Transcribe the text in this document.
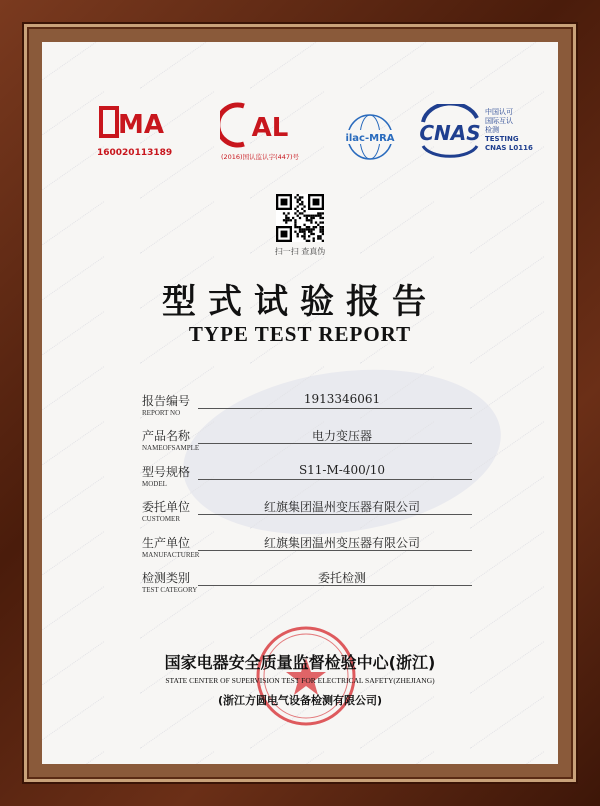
MA
160020113189
AL
(2016)国认监认字(447)号
ilac-MRA CNAS
中国认可
国际互认
检测
TESTING
CNAS L0116
扫一扫 查真伪
型式试验报告
TYPE TEST REPORT
报告编号
REPORT NO
1913346061
产品名称
NAMEOFSAMPLE
电力变压器
型号规格
MODEL
S11-M-400/10
委托单位
CUSTOMER
红旗集团温州变压器有限公司
生产单位
MANUFACTURER
红旗集团温州变压器有限公司
检测类别
TEST CATEGORY
委托检测
国家电器安全质量监督检验中心(浙江)
STATE CENTER OF SUPERVISION TEST FOR ELECTRICAL SAFETY(ZHEJIANG)
(浙江方圆电气设备检测有限公司)
